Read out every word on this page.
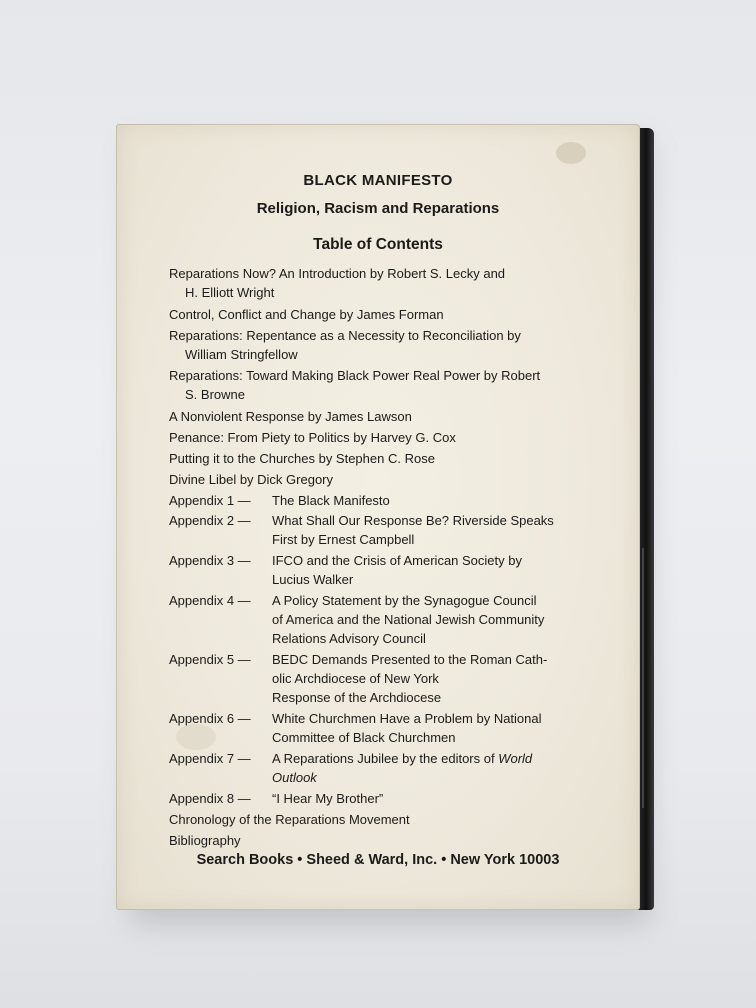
BLACK MANIFESTO
Religion, Racism and Reparations
Table of Contents
Reparations Now? An Introduction by Robert S. Lecky and
H. Elliott Wright
Control, Conflict and Change by James Forman
Reparations: Repentance as a Necessity to Reconciliation by
William Stringfellow
Reparations: Toward Making Black Power Real Power by Robert
S. Browne
A Nonviolent Response by James Lawson
Penance: From Piety to Politics by Harvey G. Cox
Putting it to the Churches by Stephen C. Rose
Divine Libel by Dick Gregory
Appendix 1 —	The Black Manifesto
Appendix 2 —	What Shall Our Response Be? Riverside Speaks
First by Ernest Campbell
Appendix 3 —	IFCO and the Crisis of American Society by
Lucius Walker
Appendix 4 —	A Policy Statement by the Synagogue Council
of America and the National Jewish Community
Relations Advisory Council
Appendix 5 —	BEDC Demands Presented to the Roman Cath-
olic Archdiocese of New York
Response of the Archdiocese
Appendix 6 —	White Churchmen Have a Problem by National
Committee of Black Churchmen
Appendix 7 —	A Reparations Jubilee by the editors of World
Outlook
Appendix 8 —	“I Hear My Brother”
Chronology of the Reparations Movement
Bibliography
Search Books • Sheed & Ward, Inc. • New York 10003
